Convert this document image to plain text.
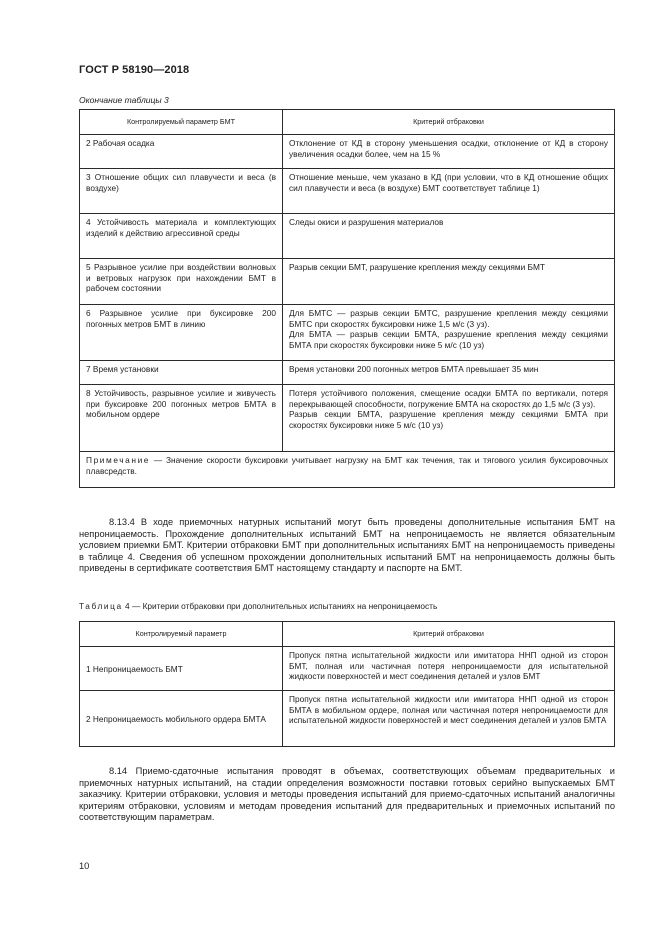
ГОСТ Р 58190—2018
Окончание таблицы 3
Контролируемый параметр БМТ	Критерий отбраковки
2 Рабочая осадка	Отклонение от КД в сторону уменьшения осадки, отклонение от КД в сторону увеличения осадки более, чем на 15 %
3 Отношение общих сил плавучести и веса (в воздухе)	Отношение меньше, чем указано в КД (при условии, что в КД отношение общих сил плавучести и веса (в воздухе) БМТ соответствует таблице 1)
4 Устойчивость материала и комплектующих изделий к действию агрессивной среды	Следы окиси и разрушения материалов
5 Разрывное усилие при воздействии волновых и ветровых нагрузок при нахождении БМТ в рабочем состоянии	Разрыв секции БМТ, разрушение крепления между секциями БМТ
6 Разрывное усилие при буксировке 200 погонных метров БМТ в линию	Для БМТС — разрыв секции БМТС, разрушение крепления между секциями БМТС при скоростях буксировки ниже 1,5 м/с (3 уз).
Для БМТА — разрыв секции БМТА, разрушение крепления между секциями БМТА при скоростях буксировки ниже 5 м/с (10 уз)

7 Время установки	Время установки 200 погонных метров БМТА превышает 35 мин
8 Устойчивость, разрывное усилие и живучесть при буксировке 200 погонных метров БМТА в мобильном ордере	Потеря устойчивого положения, смещение осадки БМТА по вертикали, потеря перекрывающей способности, погружение БМТА на скоростях до 1,5 м/с (3 уз).
Разрыв секции БМТА, разрушение крепления между секциями БМТА при скоростях буксировки ниже 5 м/с (10 уз)

Примечание — Значение скорости буксировки учитывает нагрузку на БМТ как течения, так и тягового усилия буксировочных плавсредств.	

8.13.4 В ходе приемочных натурных испытаний могут быть проведены дополнительные испытания БМТ на непроницаемость. Прохождение дополнительных испытаний БМТ на непроницаемость не является обязательным условием приемки БМТ. Критерии отбраковки БМТ при дополнительных испытаниях БМТ на непроницаемость приведены в таблице 4. Сведения об успешном прохождении дополнительных испытаний БМТ на непроницаемость должны быть приведены в сертификате соответствия БМТ настоящему стандарту и паспорте на БМТ.

Таблица 4 — Критерии отбраковки при дополнительных испытаниях на непроницаемость
Контролируемый параметр	Критерий отбраковки
1 Непроницаемость БМТ	Пропуск пятна испытательной жидкости или имитатора ННП одной из сторон БМТ, полная или частичная потеря непроницаемости для испытательной жидкости поверхностей и мест соединения деталей и узлов БМТ
2 Непроницаемость мобильного ордера БМТА	Пропуск пятна испытательной жидкости или имитатора ННП одной из сторон БМТА в мобильном ордере, полная или частичная потеря непроницаемости для испытательной жидкости поверхностей и мест соединения деталей и узлов БМТА

8.14 Приемо-сдаточные испытания проводят в объемах, соответствующих объемам предварительных и приемочных натурных испытаний, на стадии определения возможности поставки готовых серийно выпускаемых БМТ заказчику. Критерии отбраковки, условия и методы проведения испытаний для приемо-сдаточных испытаний аналогичны критериям отбраковки, условиям и методам проведения испытаний для предварительных и приемочных испытаний по соответствующим параметрам.

10
